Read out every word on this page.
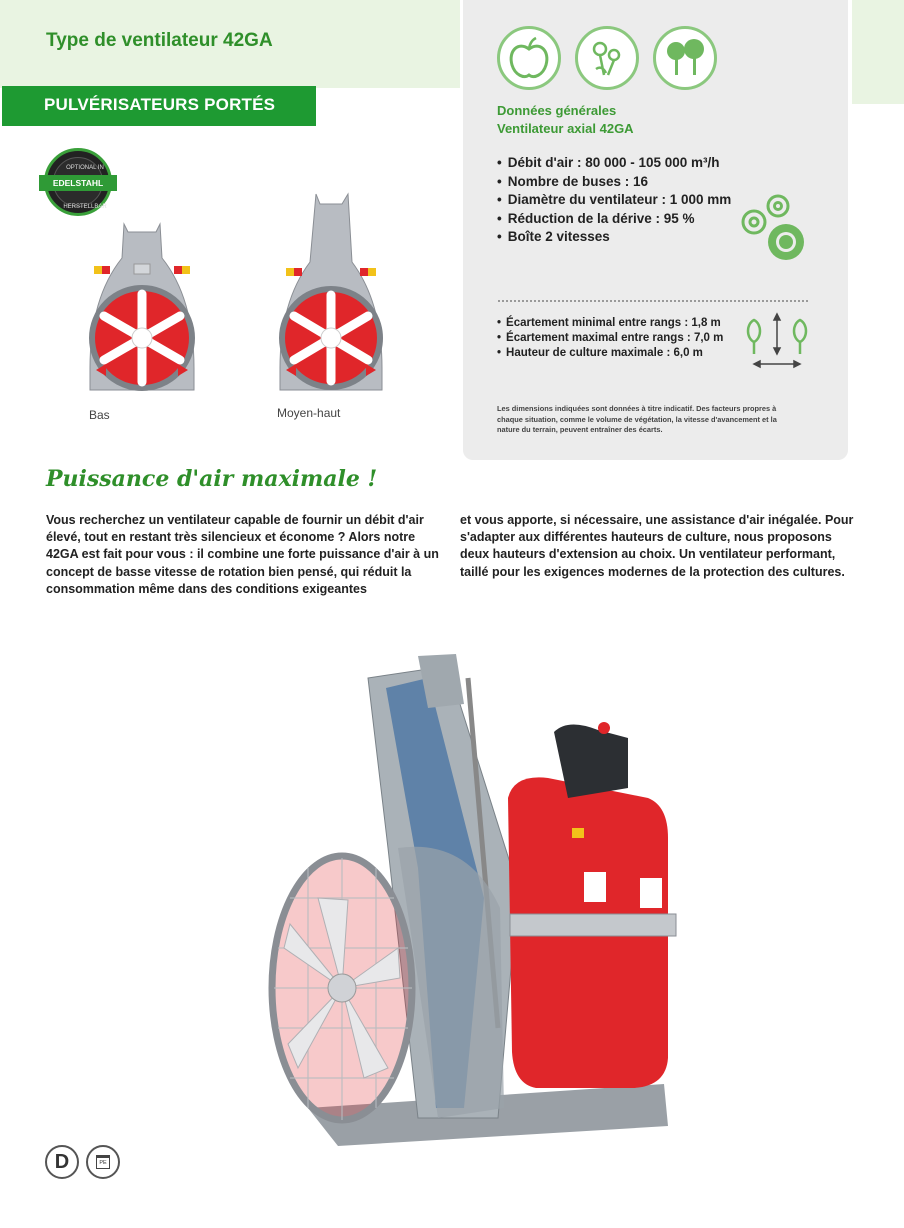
Type de ventilateur 42GA
PULVÉRISATEURS PORTÉS
OPTIONAL IN
HERSTELLBAR
EDELSTAHL
Bas	Moyen-haut
Données générales
Ventilateur axial 42GA
• Débit d'air : 80 000 - 105 000 m³/h
• Nombre de buses : 16
• Diamètre du ventilateur : 1 000 mm
• Réduction de la dérive : 95 %
• Boîte 2 vitesses
• Écartement minimal entre rangs : 1,8 m
• Écartement maximal entre rangs : 7,0 m
• Hauteur de culture maximale : 6,0 m

Les dimensions indiquées sont données à titre indicatif. Des facteurs propres à chaque situation, comme le volume de végétation, la vitesse d'avancement et la nature du terrain, peuvent entraîner des écarts.

Puissance d'air maximale !

Vous recherchez un ventilateur capable de fournir un débit d'air élevé, tout en restant très silencieux et économe ? Alors notre 42GA est fait pour vous : il combine une forte puissance d'air à un concept de basse vitesse de rotation bien pensé, qui réduit la consommation même dans des conditions exigeantes

et vous apporte, si nécessaire, une assistance d'air inégalée. Pour s'adapter aux différentes hauteurs de culture, nous proposons deux hauteurs d'extension au choix. Un ventilateur performant, taillé pour les exigences modernes de la protection des cultures.

D	PE
